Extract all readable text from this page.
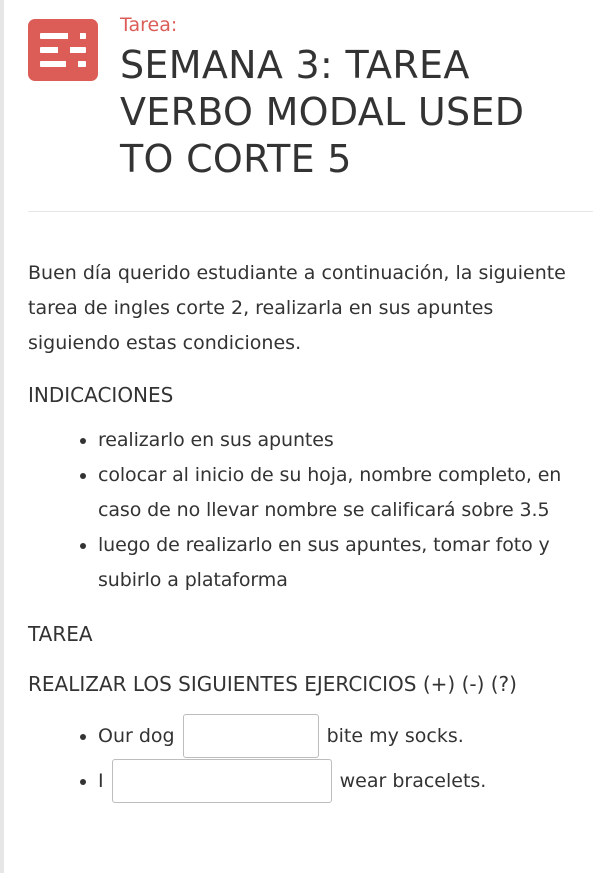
Tarea:

SEMANA 3: TAREA VERBO MODAL USED TO CORTE 5

Buen día querido estudiante a continuación, la siguiente tarea de ingles corte 2, realizarla en sus apuntes siguiendo estas condiciones.

INDICACIONES

• realizarlo en sus apuntes
• colocar al inicio de su hoja, nombre completo, en caso de no llevar nombre se calificará sobre 3.5
• luego de realizarlo en sus apuntes, tomar foto y subirlo a plataforma

TAREA

REALIZAR LOS SIGUIENTES EJERCICIOS (+) (-) (?)

• Our dog	bite my socks.
• I	wear bracelets.
